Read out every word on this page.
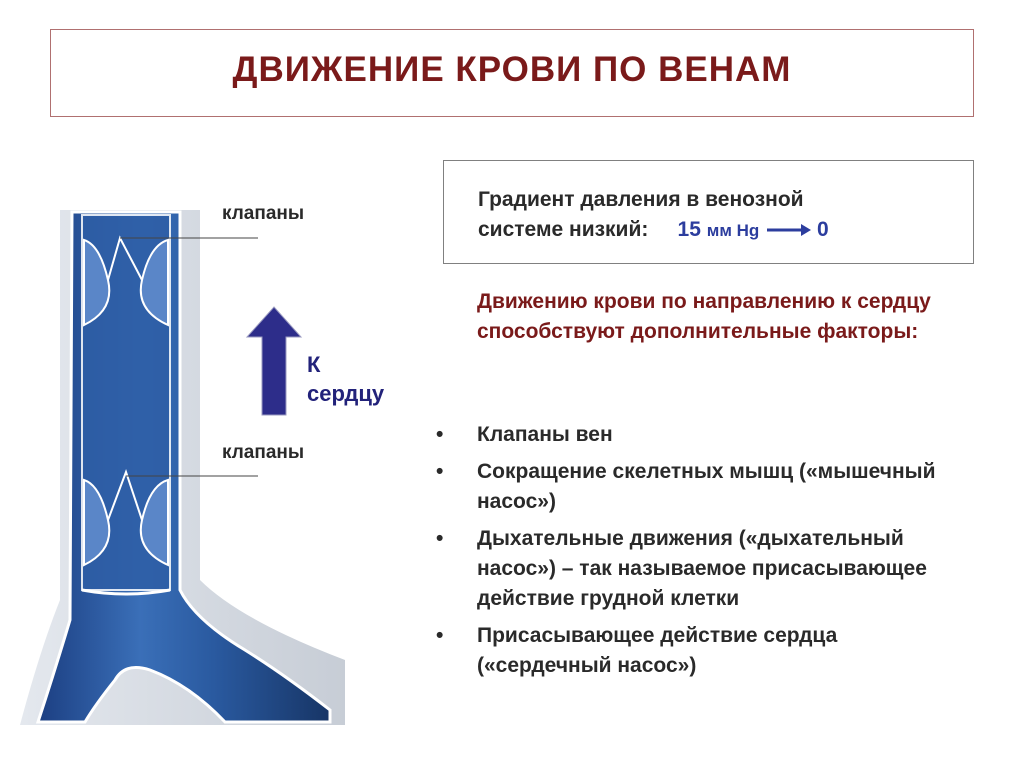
ДВИЖЕНИЕ КРОВИ ПО ВЕНАМ
клапаны
клапаны
К
сердцу
Градиент давления в венозной
системе низкий: 15 мм Hg	0
Движению крови по направлению к сердцу способствуют дополнительные факторы:
• Клапаны вен
• Сокращение скелетных мышц («мышечный насос»)
• Дыхательные движения («дыхательный насос») – так называемое присасывающее действие грудной клетки
• Присасывающее действие сердца («сердечный насос»)
